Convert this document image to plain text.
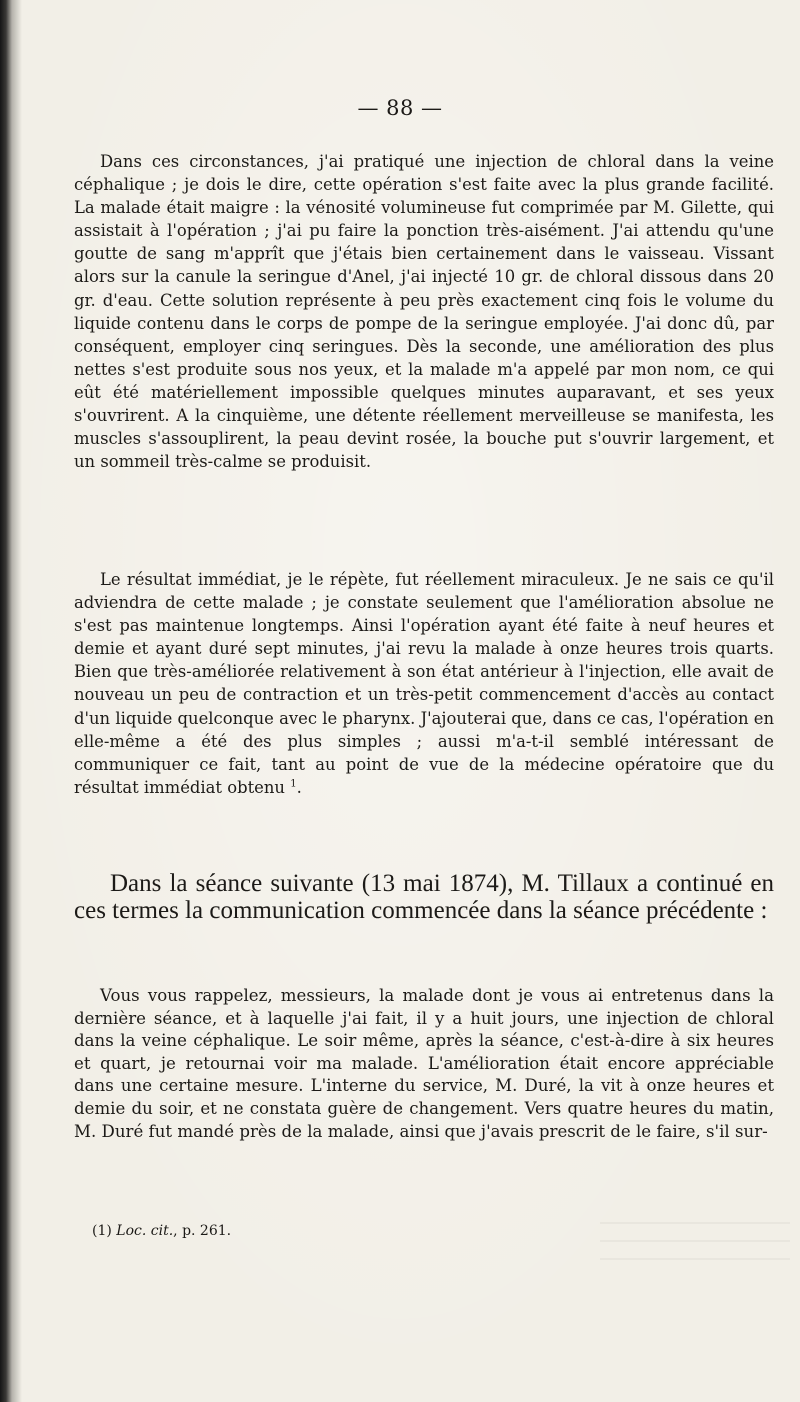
— 88 —

Dans ces circonstances, j'ai pratiqué une injection de chloral dans la veine céphalique ; je dois le dire, cette opération s'est faite avec la plus grande facilité. La malade était maigre : la vénosité volumineuse fut comprimée par M. Gilette, qui assistait à l'opération ; j'ai pu faire la ponction très-aisément. J'ai attendu qu'une goutte de sang m'apprît que j'étais bien certainement dans le vaisseau. Vissant alors sur la canule la seringue d'Anel, j'ai injecté 10 gr. de chloral dissous dans 20 gr. d'eau. Cette solution représente à peu près exactement cinq fois le volume du liquide contenu dans le corps de pompe de la seringue employée. J'ai donc dû, par conséquent, employer cinq seringues. Dès la seconde, une amélioration des plus nettes s'est produite sous nos yeux, et la malade m'a appelé par mon nom, ce qui eût été matériellement impossible quelques minutes auparavant, et ses yeux s'ouvrirent. A la cinquième, une détente réellement merveilleuse se manifesta, les muscles s'assouplirent, la peau devint rosée, la bouche put s'ouvrir largement, et un sommeil très-calme se produisit.

Le résultat immédiat, je le répète, fut réellement miraculeux. Je ne sais ce qu'il adviendra de cette malade ; je constate seulement que l'amélioration absolue ne s'est pas maintenue longtemps. Ainsi l'opération ayant été faite à neuf heures et demie et ayant duré sept minutes, j'ai revu la malade à onze heures trois quarts. Bien que très-améliorée relativement à son état antérieur à l'injection, elle avait de nouveau un peu de contraction et un très-petit commencement d'accès au contact d'un liquide quelconque avec le pharynx. J'ajouterai que, dans ce cas, l'opération en elle-même a été des plus simples ; aussi m'a-t-il semblé intéressant de communiquer ce fait, tant au point de vue de la médecine opératoire que du résultat immédiat obtenu $^1$.

Dans la séance suivante (13 mai 1874), M. Tillaux a continué en ces termes la communication commencée dans la séance précédente :

Vous vous rappelez, messieurs, la malade dont je vous ai entretenus dans la dernière séance, et à laquelle j'ai fait, il y a huit jours, une injection de chloral dans la veine céphalique. Le soir même, après la séance, c'est-à-dire à six heures et quart, je retournai voir ma malade. L'amélioration était encore appréciable dans une certaine mesure. L'interne du service, M. Duré, la vit à onze heures et demie du soir, et ne constata guère de changement. Vers quatre heures du matin, M. Duré fut mandé près de la malade, ainsi que j'avais prescrit de le faire, s'il sur-

(1) Loc. cit., p. 261.
